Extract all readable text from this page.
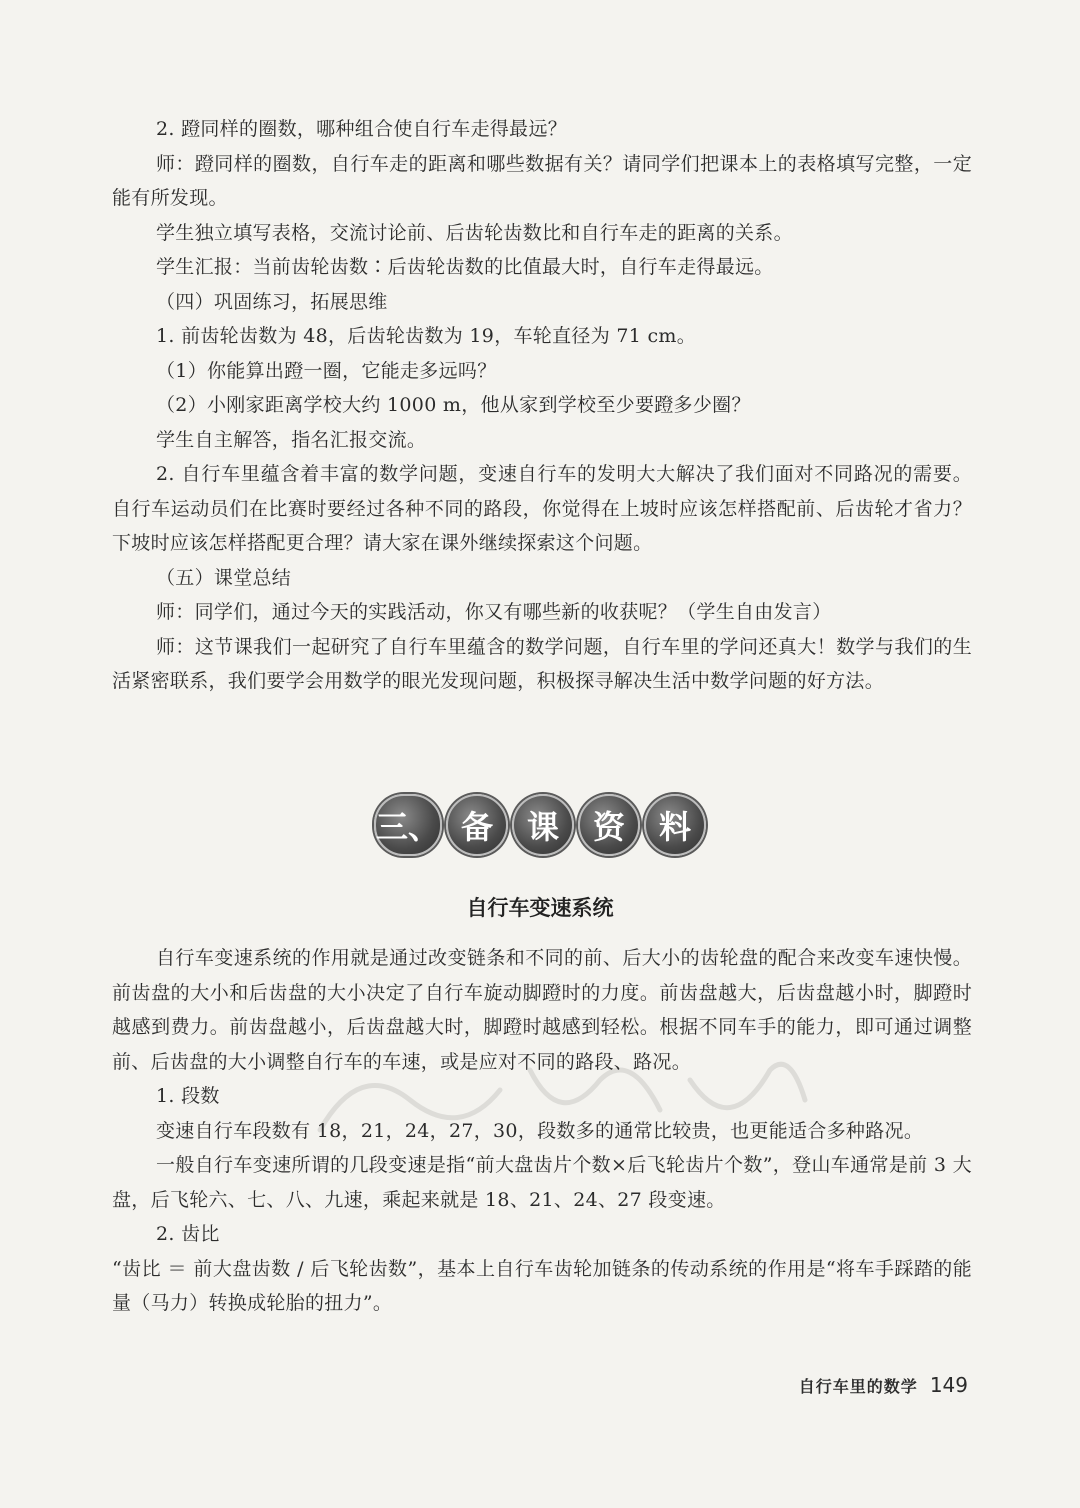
2. 蹬同样的圈数，哪种组合使自行车走得最远？

师：蹬同样的圈数，自行车走的距离和哪些数据有关？请同学们把课本上的表格填写完整，一定能有所发现。

学生独立填写表格，交流讨论前、后齿轮齿数比和自行车走的距离的关系。

学生汇报：当前齿轮齿数∶后齿轮齿数的比值最大时，自行车走得最远。

（四）巩固练习，拓展思维

1. 前齿轮齿数为 48，后齿轮齿数为 19，车轮直径为 71 cm。

（1）你能算出蹬一圈，它能走多远吗？

（2）小刚家距离学校大约 1000 m，他从家到学校至少要蹬多少圈？

学生自主解答，指名汇报交流。

2. 自行车里蕴含着丰富的数学问题，变速自行车的发明大大解决了我们面对不同路况的需要。自行车运动员们在比赛时要经过各种不同的路段，你觉得在上坡时应该怎样搭配前、后齿轮才省力？下坡时应该怎样搭配更合理？请大家在课外继续探索这个问题。

（五）课堂总结

师：同学们，通过今天的实践活动，你又有哪些新的收获呢？（学生自由发言）

师：这节课我们一起研究了自行车里蕴含的数学问题，自行车里的学问还真大！数学与我们的生活紧密联系，我们要学会用数学的眼光发现问题，积极探寻解决生活中数学问题的好方法。

三、 备	课	资	料
自行车变速系统

自行车变速系统的作用就是通过改变链条和不同的前、后大小的齿轮盘的配合来改变车速快慢。前齿盘的大小和后齿盘的大小决定了自行车旋动脚蹬时的力度。前齿盘越大，后齿盘越小时，脚蹬时越感到费力。前齿盘越小，后齿盘越大时，脚蹬时越感到轻松。根据不同车手的能力，即可通过调整前、后齿盘的大小调整自行车的车速，或是应对不同的路段、路况。

1. 段数

变速自行车段数有 18，21，24，27，30，段数多的通常比较贵，也更能适合多种路况。

一般自行车变速所谓的几段变速是指“前大盘齿片个数×后飞轮齿片个数”，登山车通常是前 3 大盘，后飞轮六、七、八、九速，乘起来就是 18、21、24、27 段变速。

2. 齿比

“齿比 ＝ 前大盘齿数 / 后飞轮齿数”，基本上自行车齿轮加链条的传动系统的作用是“将车手踩踏的能量（马力）转换成轮胎的扭力”。

自行车里的数学 149
